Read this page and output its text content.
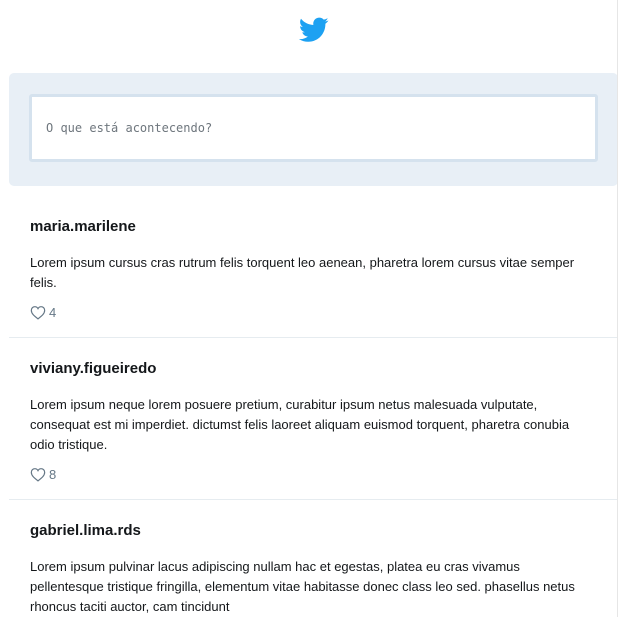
O que está acontecendo?

maria.marilene

Lorem ipsum cursus cras rutrum felis torquent leo aenean, pharetra lorem cursus vitae semper felis.

4

viviany.figueiredo

Lorem ipsum neque lorem posuere pretium, curabitur ipsum netus malesuada vulputate, consequat est mi imperdiet. dictumst felis laoreet aliquam euismod torquent, pharetra conubia odio tristique.

8

gabriel.lima.rds

Lorem ipsum pulvinar lacus adipiscing nullam hac et egestas, platea eu cras vivamus pellentesque tristique fringilla, elementum vitae habitasse donec class leo sed. phasellus netus rhoncus taciti auctor, cam tincidunt
